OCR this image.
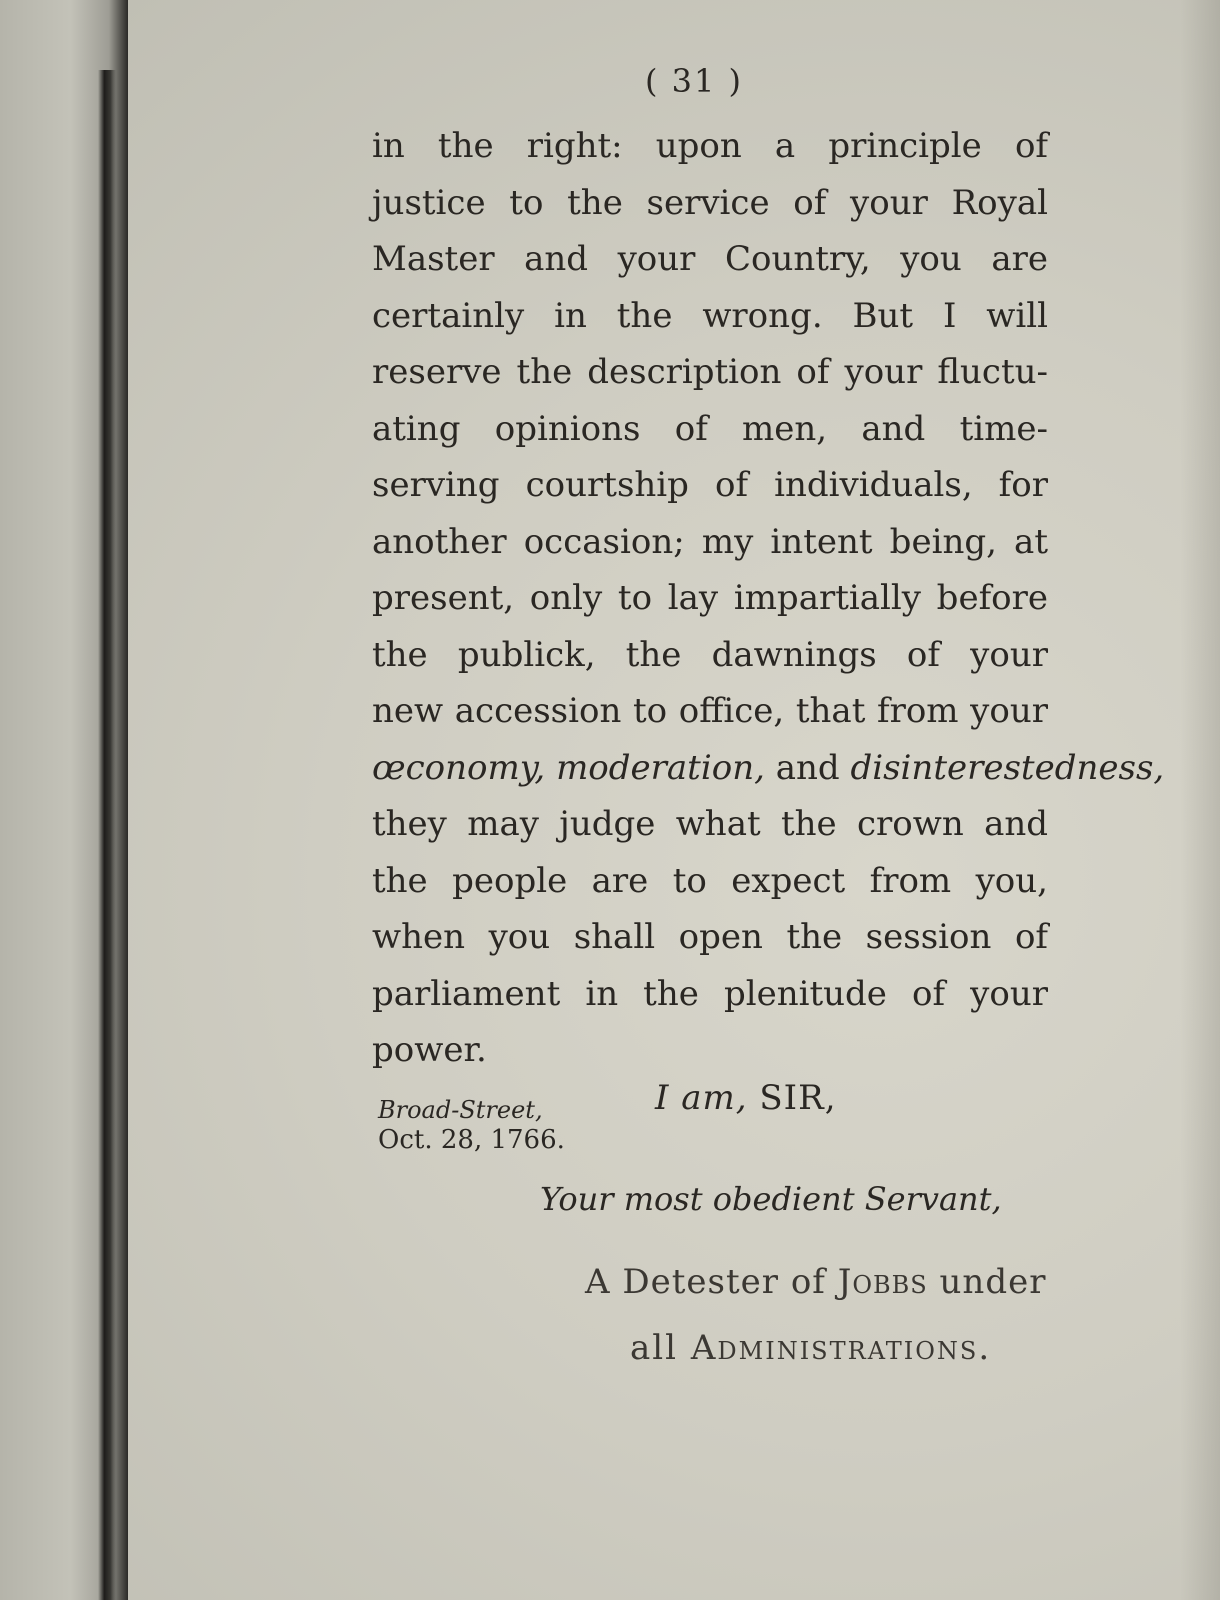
( 31 )
in the right: upon a principle of
justice to the service of your Royal
Master and your Country, you are
certainly in the wrong. But I will
reserve the description of your fluctu-
ating opinions of men, and time-
serving courtship of individuals, for
another occasion; my intent being, at
present, only to lay impartially before
the publick, the dawnings of your
new accession to office, that from your
œconomy, moderation, and disinterestedness,
they may judge what the crown and
the people are to expect from you,
when you shall open the session of
parliament in the plenitude of your
power.
Broad-Street,
Oct. 28, 1766.
I am, SIR,
Your most obedient Servant,
A Detester of Jobbs under
all Administrations.
